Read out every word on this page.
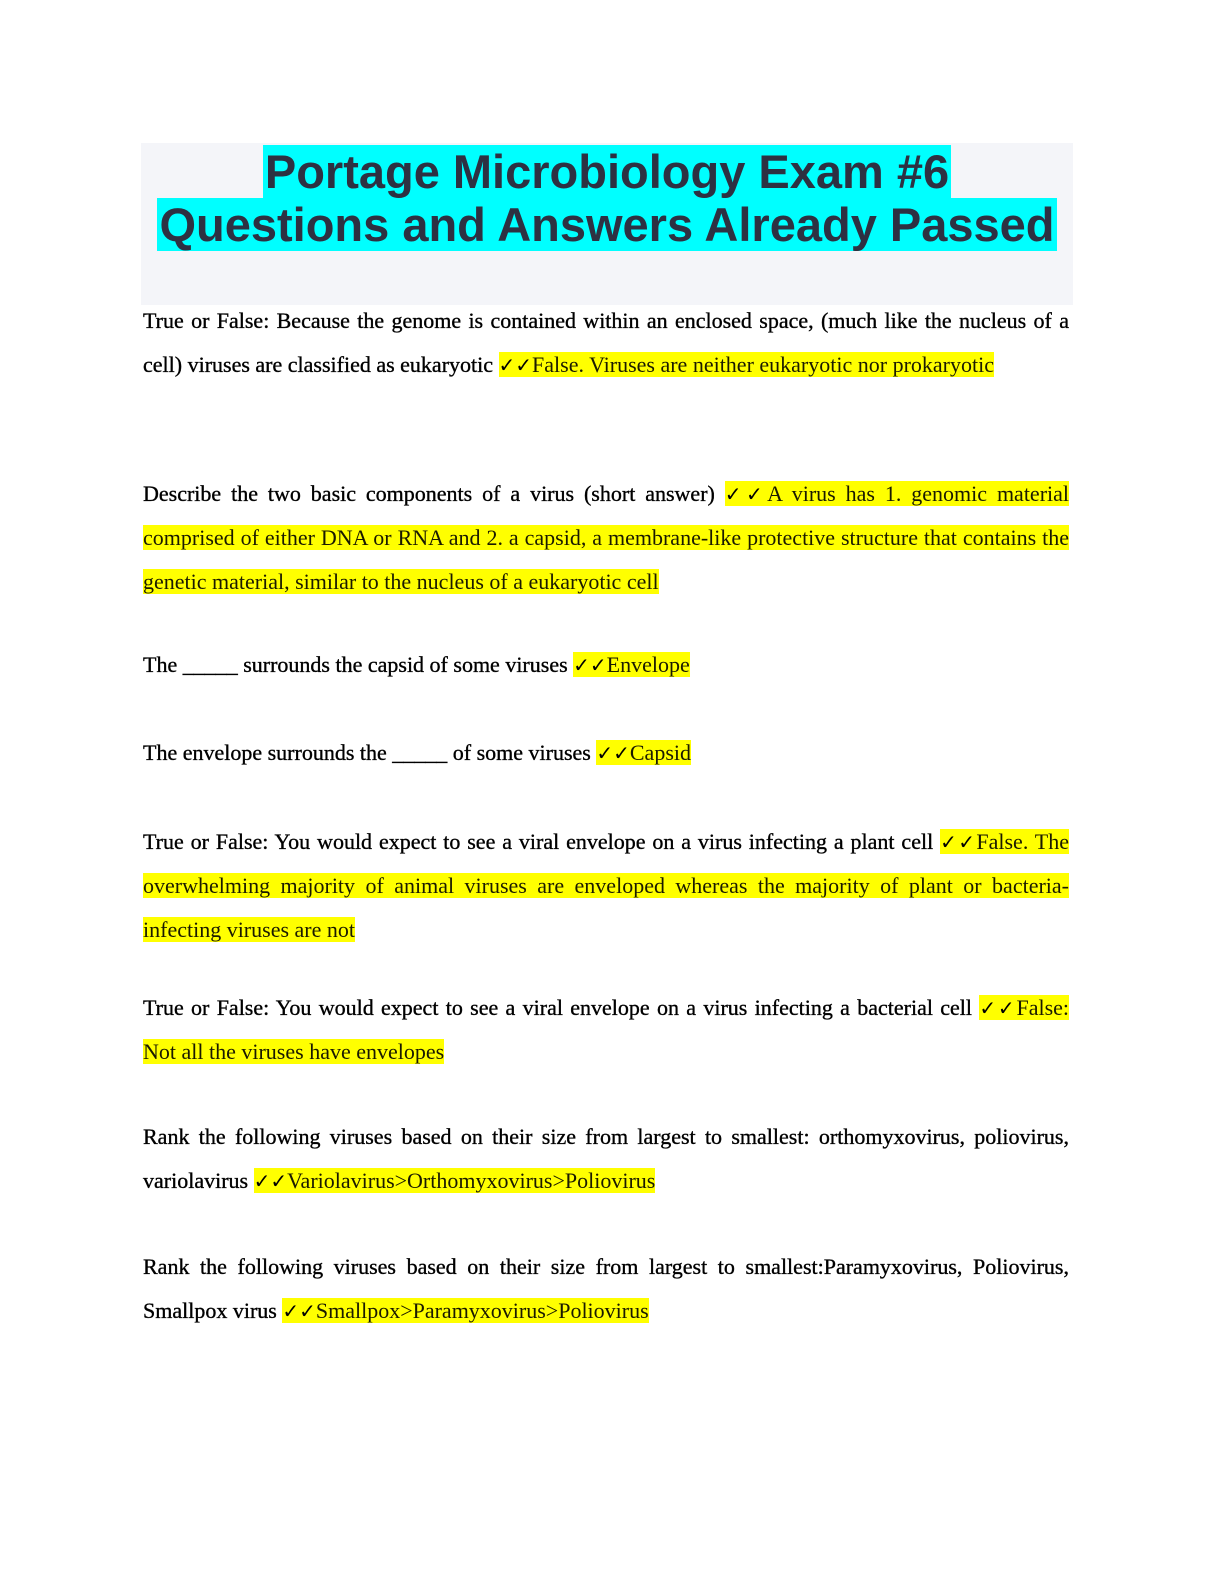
Portage Microbiology Exam #6
Questions and Answers Already Passed
True or False: Because the genome is contained within an enclosed space, (much like the nucleus of a cell) viruses are classified as eukaryotic ✓✓False. Viruses are neither eukaryotic nor prokaryotic
Describe the two basic components of a virus (short answer) ✓✓A virus has 1. genomic material comprised of either DNA or RNA and 2. a capsid, a membrane-like protective structure that contains the genetic material, similar to the nucleus of a eukaryotic cell
The _____ surrounds the capsid of some viruses ✓✓Envelope
The envelope surrounds the _____ of some viruses ✓✓Capsid
True or False: You would expect to see a viral envelope on a virus infecting a plant cell ✓✓False. The overwhelming majority of animal viruses are enveloped whereas the majority of plant or bacteria-infecting viruses are not
True or False: You would expect to see a viral envelope on a virus infecting a bacterial cell ✓✓False: Not all the viruses have envelopes
Rank the following viruses based on their size from largest to smallest: orthomyxovirus, poliovirus, variolavirus ✓✓Variolavirus>Orthomyxovirus>Poliovirus
Rank the following viruses based on their size from largest to smallest:Paramyxovirus, Poliovirus, Smallpox virus ✓✓Smallpox>Paramyxovirus>Poliovirus
